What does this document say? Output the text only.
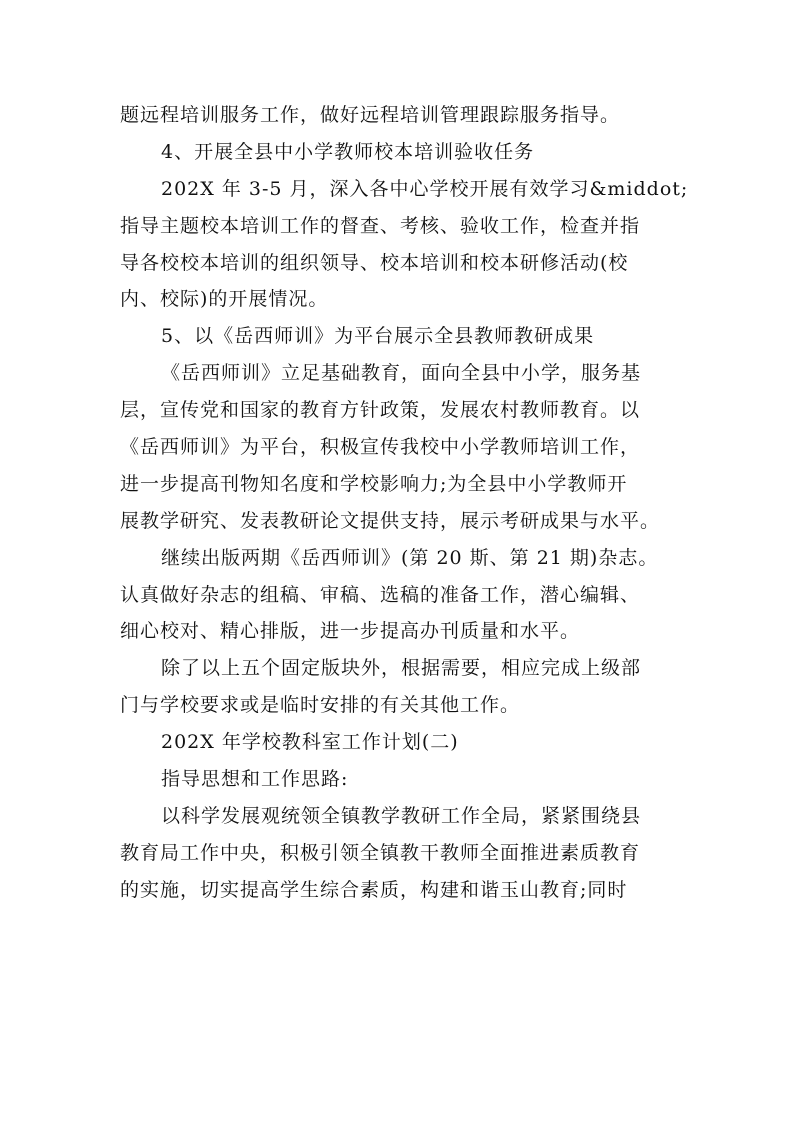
题远程培训服务工作，做好远程培训管理跟踪服务指导。
4、开展全县中小学教师校本培训验收任务
202X 年 3-5 月，深入各中心学校开展有效学习&middot;
指导主题校本培训工作的督查、考核、验收工作，检查并指
导各校校本培训的组织领导、校本培训和校本研修活动(校
内、校际)的开展情况。
5、以《岳西师训》为平台展示全县教师教研成果
《岳西师训》立足基础教育，面向全县中小学，服务基
层，宣传党和国家的教育方针政策，发展农村教师教育。以
《岳西师训》为平台，积极宣传我校中小学教师培训工作，
进一步提高刊物知名度和学校影响力;为全县中小学教师开
展教学研究、发表教研论文提供支持，展示考研成果与水平。
继续出版两期《岳西师训》(第 20 斯、第 21 期)杂志。
认真做好杂志的组稿、审稿、选稿的准备工作，潜心编辑、
细心校对、精心排版，进一步提高办刊质量和水平。
除了以上五个固定版块外，根据需要，相应完成上级部
门与学校要求或是临时安排的有关其他工作。
202X 年学校教科室工作计划(二)
指导思想和工作思路:
以科学发展观统领全镇教学教研工作全局，紧紧围绕县
教育局工作中央，积极引领全镇教干教师全面推进素质教育
的实施，切实提高学生综合素质，构建和谐玉山教育;同时
